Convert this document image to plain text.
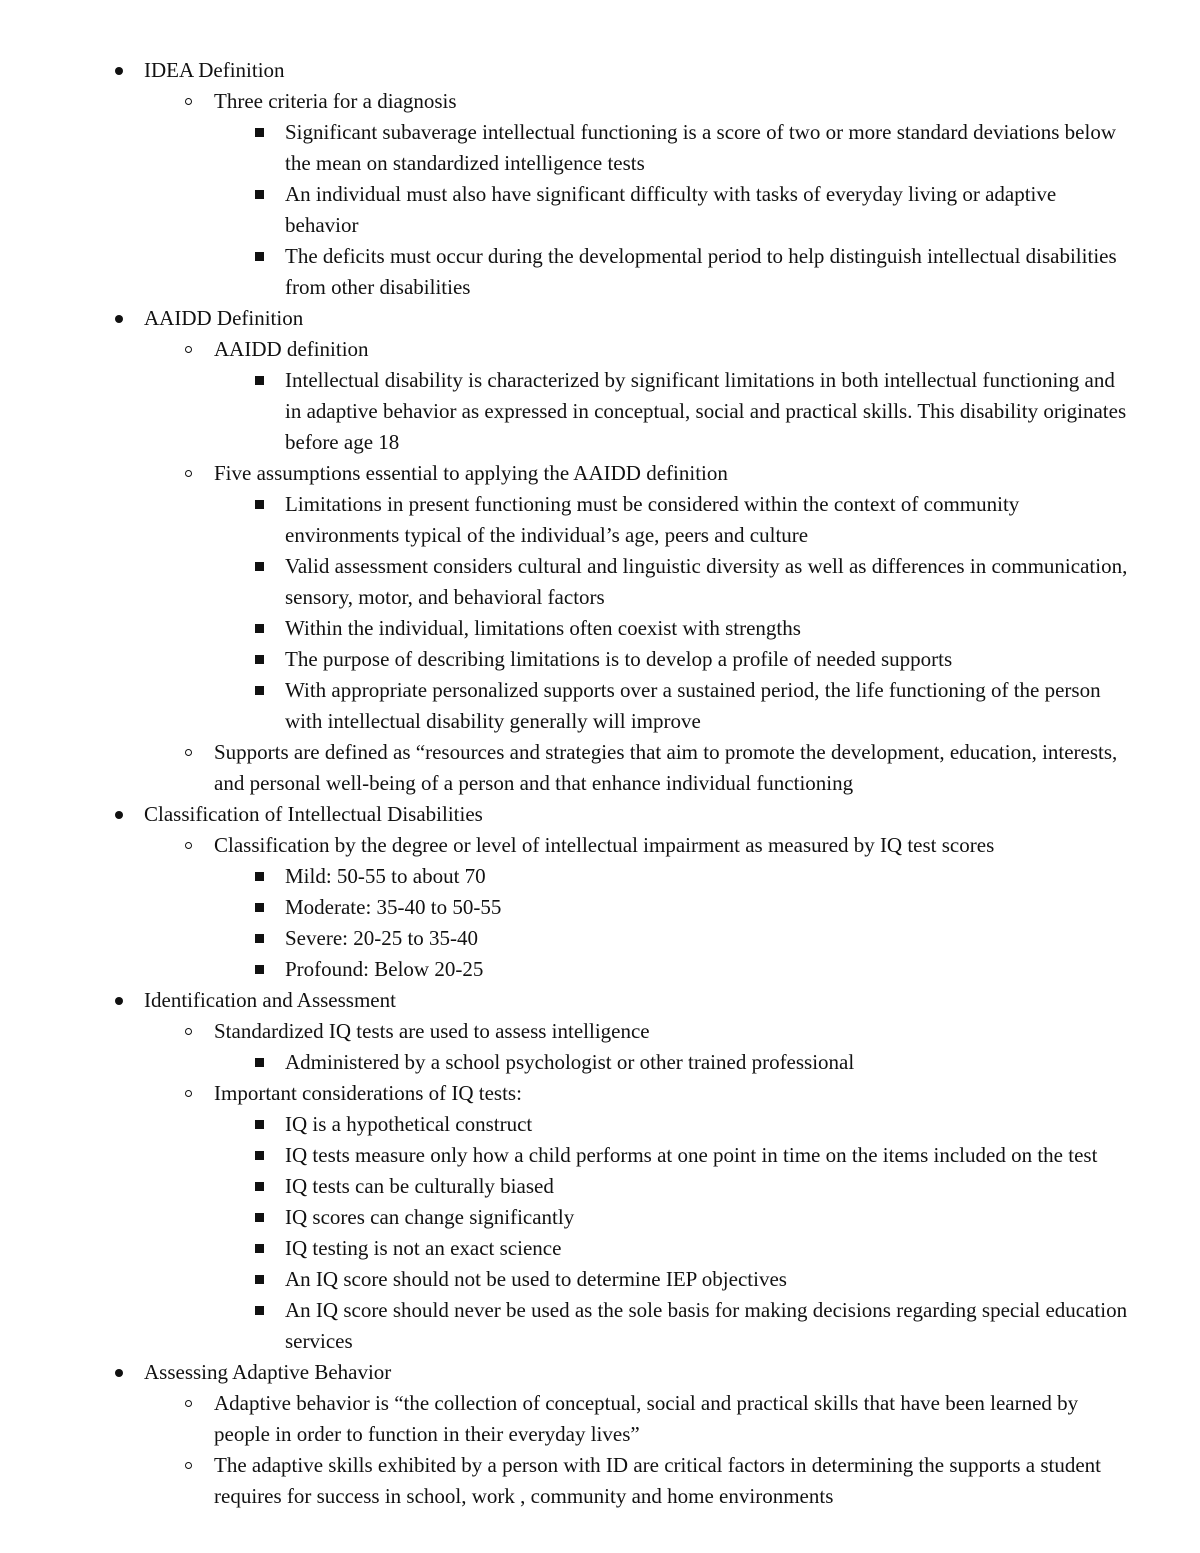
IDEA Definition
Three criteria for a diagnosis
Significant subaverage intellectual functioning is a score of two or more standard deviations below the mean on standardized intelligence tests
An individual must also have significant difficulty with tasks of everyday living or adaptive behavior
The deficits must occur during the developmental period to help distinguish intellectual disabilities from other disabilities
AAIDD Definition
AAIDD definition
Intellectual disability is characterized by significant limitations in both intellectual functioning and in adaptive behavior as expressed in conceptual, social and practical skills. This disability originates before age 18
Five assumptions essential to applying the AAIDD definition
Limitations in present functioning must be considered within the context of community environments typical of the individual’s age, peers and culture
Valid assessment considers cultural and linguistic diversity as well as differences in communication, sensory, motor, and behavioral factors
Within the individual, limitations often coexist with strengths
The purpose of describing limitations is to develop a profile of needed supports
With appropriate personalized supports over a sustained period, the life functioning of the person with intellectual disability generally will improve
Supports are defined as “resources and strategies that aim to promote the development, education, interests, and personal well-being of a person and that enhance individual functioning
Classification of Intellectual Disabilities
Classification by the degree or level of intellectual impairment as measured by IQ test scores
Mild: 50-55 to about 70
Moderate: 35-40 to 50-55
Severe: 20-25 to 35-40
Profound: Below 20-25
Identification and Assessment
Standardized IQ tests are used to assess intelligence
Administered by a school psychologist or other trained professional
Important considerations of IQ tests:
IQ is a hypothetical construct
IQ tests measure only how a child performs at one point in time on the items included on the test
IQ tests can be culturally biased
IQ scores can change significantly
IQ testing is not an exact science
An IQ score should not be used to determine IEP objectives
An IQ score should never be used as the sole basis for making decisions regarding special education services
Assessing Adaptive Behavior
Adaptive behavior is “the collection of conceptual, social and practical skills that have been learned by people in order to function in their everyday lives”
The adaptive skills exhibited by a person with ID are critical factors in determining the supports a student requires for success in school, work , community and home environments
